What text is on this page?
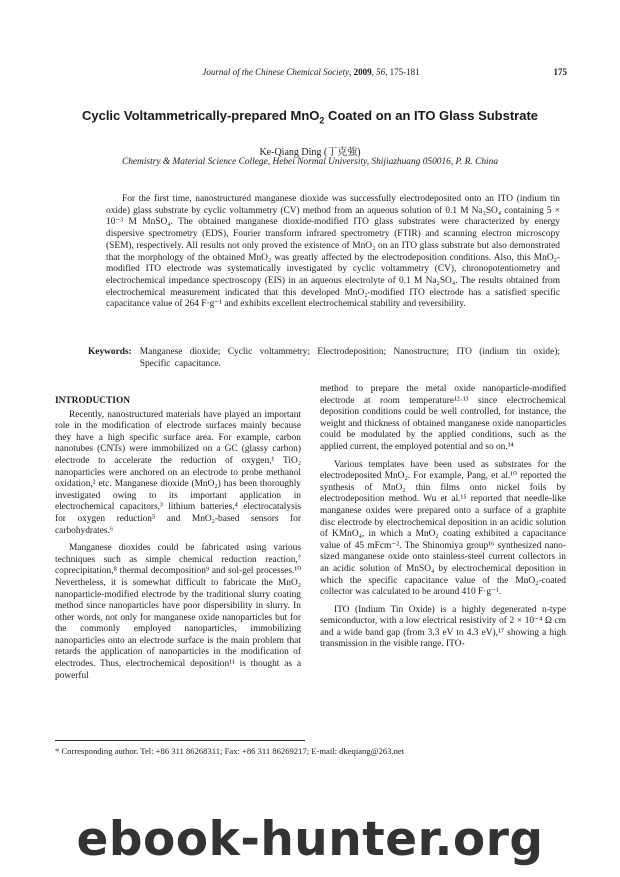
Journal of the Chinese Chemical Society, 2009, 56, 175-181	175
Cyclic Voltammetrically-prepared MnO$_2$ Coated on an ITO Glass Substrate
Ke-Qiang Ding (丁克強)
Chemistry & Material Science College, Hebei Normal University, Shijiazhuang 050016, P. R. China
For the first time, nanostructured manganese dioxide was successfully electrodeposited onto an ITO (indium tin oxide) glass substrate by cyclic voltammetry (CV) method from an aqueous solution of 0.1 M Na₂SO₄ containing 5 × 10⁻³ M MnSO₄. The obtained manganese dioxide-modified ITO glass substrates were characterized by energy dispersive spectrometry (EDS), Fourier transform infrared spectrometry (FTIR) and scanning electron microscopy (SEM), respectively. All results not only proved the existence of MnO₂ on an ITO glass substrate but also demonstrated that the morphology of the obtained MnO₂ was greatly affected by the electrodeposition conditions. Also, this MnO₂-modified ITO electrode was systematically investigated by cyclic voltammetry (CV), chronopotentiometry and electrochemical impedance spectroscopy (EIS) in an aqueous electrolyte of 0.1 M Na₂SO₄. The results obtained from electrochemical measurement indicated that this developed MnO₂-modified ITO electrode has a satisfied specific capacitance value of 264 F·g⁻¹ and exhibits excellent electrochemical stability and reversibility.
Keywords: Manganese dioxide; Cyclic voltammetry; Electrodeposition; Nanostructure; ITO (indium tin oxide); Specific capacitance.
INTRODUCTION

Recently, nanostructured materials have played an important role in the modification of electrode surfaces mainly because they have a high specific surface area. For example, carbon nanotubes (CNTs) were immobilized on a GC (glassy carbon) electrode to accelerate the reduction of oxygen,¹ TiO₂ nanoparticles were anchored on an electrode to probe methanol oxidation,² etc. Manganese dioxide (MnO₂) has been thoroughly investigated owing to its important application in electrochemical capacitors,³ lithium batteries,⁴ electrocatalysis for oxygen reduction⁵ and MnO₂-based sensors for carbohydrates.⁶

Manganese dioxides could be fabricated using various techniques such as simple chemical reduction reaction,⁷ coprecipitation,⁸ thermal decomposition⁹ and sol-gel processes.¹⁰ Nevertheless, it is somewhat difficult to fabricate the MnO₂ nanoparticle-modified electrode by the traditional slurry coating method since nanoparticles have poor dispersibility in slurry. In other words, not only for manganese oxide nanoparticles but for the commonly employed nanoparticles, immobilizing nanoparticles onto an electrode surface is the main problem that retards the application of nanoparticles in the modification of electrodes. Thus, electrochemical deposition¹¹ is thought as a powerful

method to prepare the metal oxide nanoparticle-modified electrode at room temperature¹²·¹³ since electrochemical deposition conditions could be well controlled, for instance, the weight and thickness of obtained manganese oxide nanoparticles could be modulated by the applied conditions, such as the applied current, the employed potential and so on.¹⁴

Various templates have been used as substrates for the electrodeposited MnO₂. For example, Pang, et al.¹⁰ reported the synthesis of MnO₂ thin films onto nickel foils by electrodeposition method. Wu et al.¹⁵ reported that needle-like manganese oxides were prepared onto a surface of a graphite disc electrode by electrochemical deposition in an acidic solution of KMnO₄, in which a MnO₂ coating exhibited a capacitance value of 45 mFcm⁻². The Shinomiya group¹⁶ synthesized nano-sized manganese oxide onto stainless-steel current collectors in an acidic solution of MnSO₄ by electrochemical deposition in which the specific capacitance value of the MnO₂-coated collector was calculated to be around 410 F·g⁻¹.

ITO (Indium Tin Oxide) is a highly degenerated n-type semiconductor, with a low electrical resistivity of 2 × 10⁻⁴ Ω cm and a wide band gap (from 3.3 eV to 4.3 eV),¹⁷ showing a high transmission in the visible range. ITO-

* Corresponding author. Tel: +86 311 86268311; Fax: +86 311 86269217; E-mail: dkeqiang@263.net
ebook-hunter.org
